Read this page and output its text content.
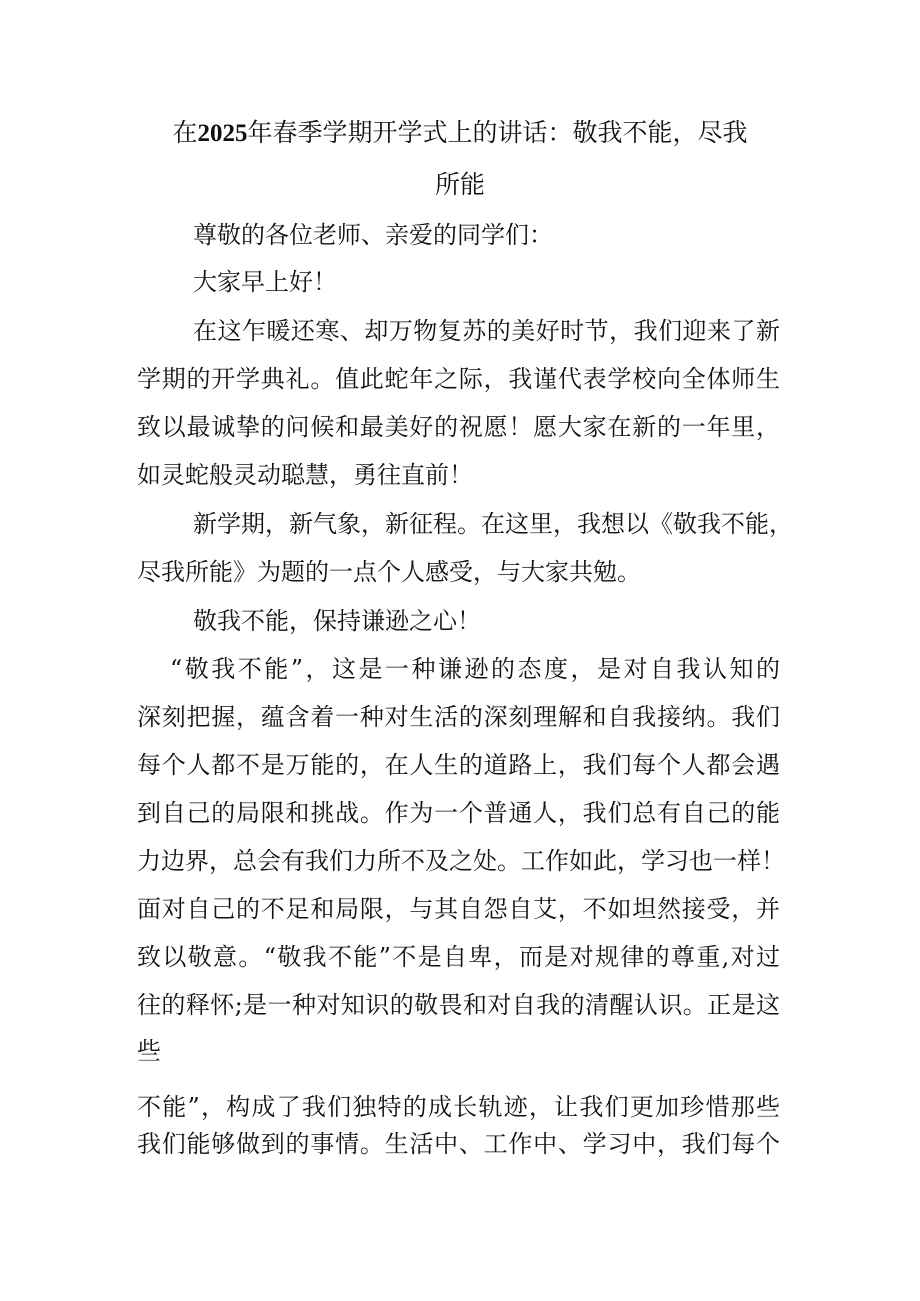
在2025年春季学期开学式上的讲话：敬我不能，尽我
所能
尊敬的各位老师、亲爱的同学们：
大家早上好！
在这乍暖还寒、却万物复苏的美好时节，我们迎来了新
学期的开学典礼。值此蛇年之际，我谨代表学校向全体师生
致以最诚挚的问候和最美好的祝愿！愿大家在新的一年里，
如灵蛇般灵动聪慧，勇往直前！
新学期，新气象，新征程。在这里，我想以《敬我不能，
尽我所能》为题的一点个人感受，与大家共勉。
敬我不能，保持谦逊之心！
“敬我不能”，这是一种谦逊的态度，是对自我认知的
深刻把握，蕴含着一种对生活的深刻理解和自我接纳。我们
每个人都不是万能的，在人生的道路上，我们每个人都会遇
到自己的局限和挑战。作为一个普通人，我们总有自己的能
力边界，总会有我们力所不及之处。工作如此，学习也一样！
面对自己的不足和局限，与其自怨自艾，不如坦然接受，并
致以敬意。“敬我不能”不是自卑，而是对规律的尊重,对过
往的释怀;是一种对知识的敬畏和对自我的清醒认识。正是这
些
不能”，构成了我们独特的成长轨迹，让我们更加珍惜那些
我们能够做到的事情。生活中、工作中、学习中，我们每个
